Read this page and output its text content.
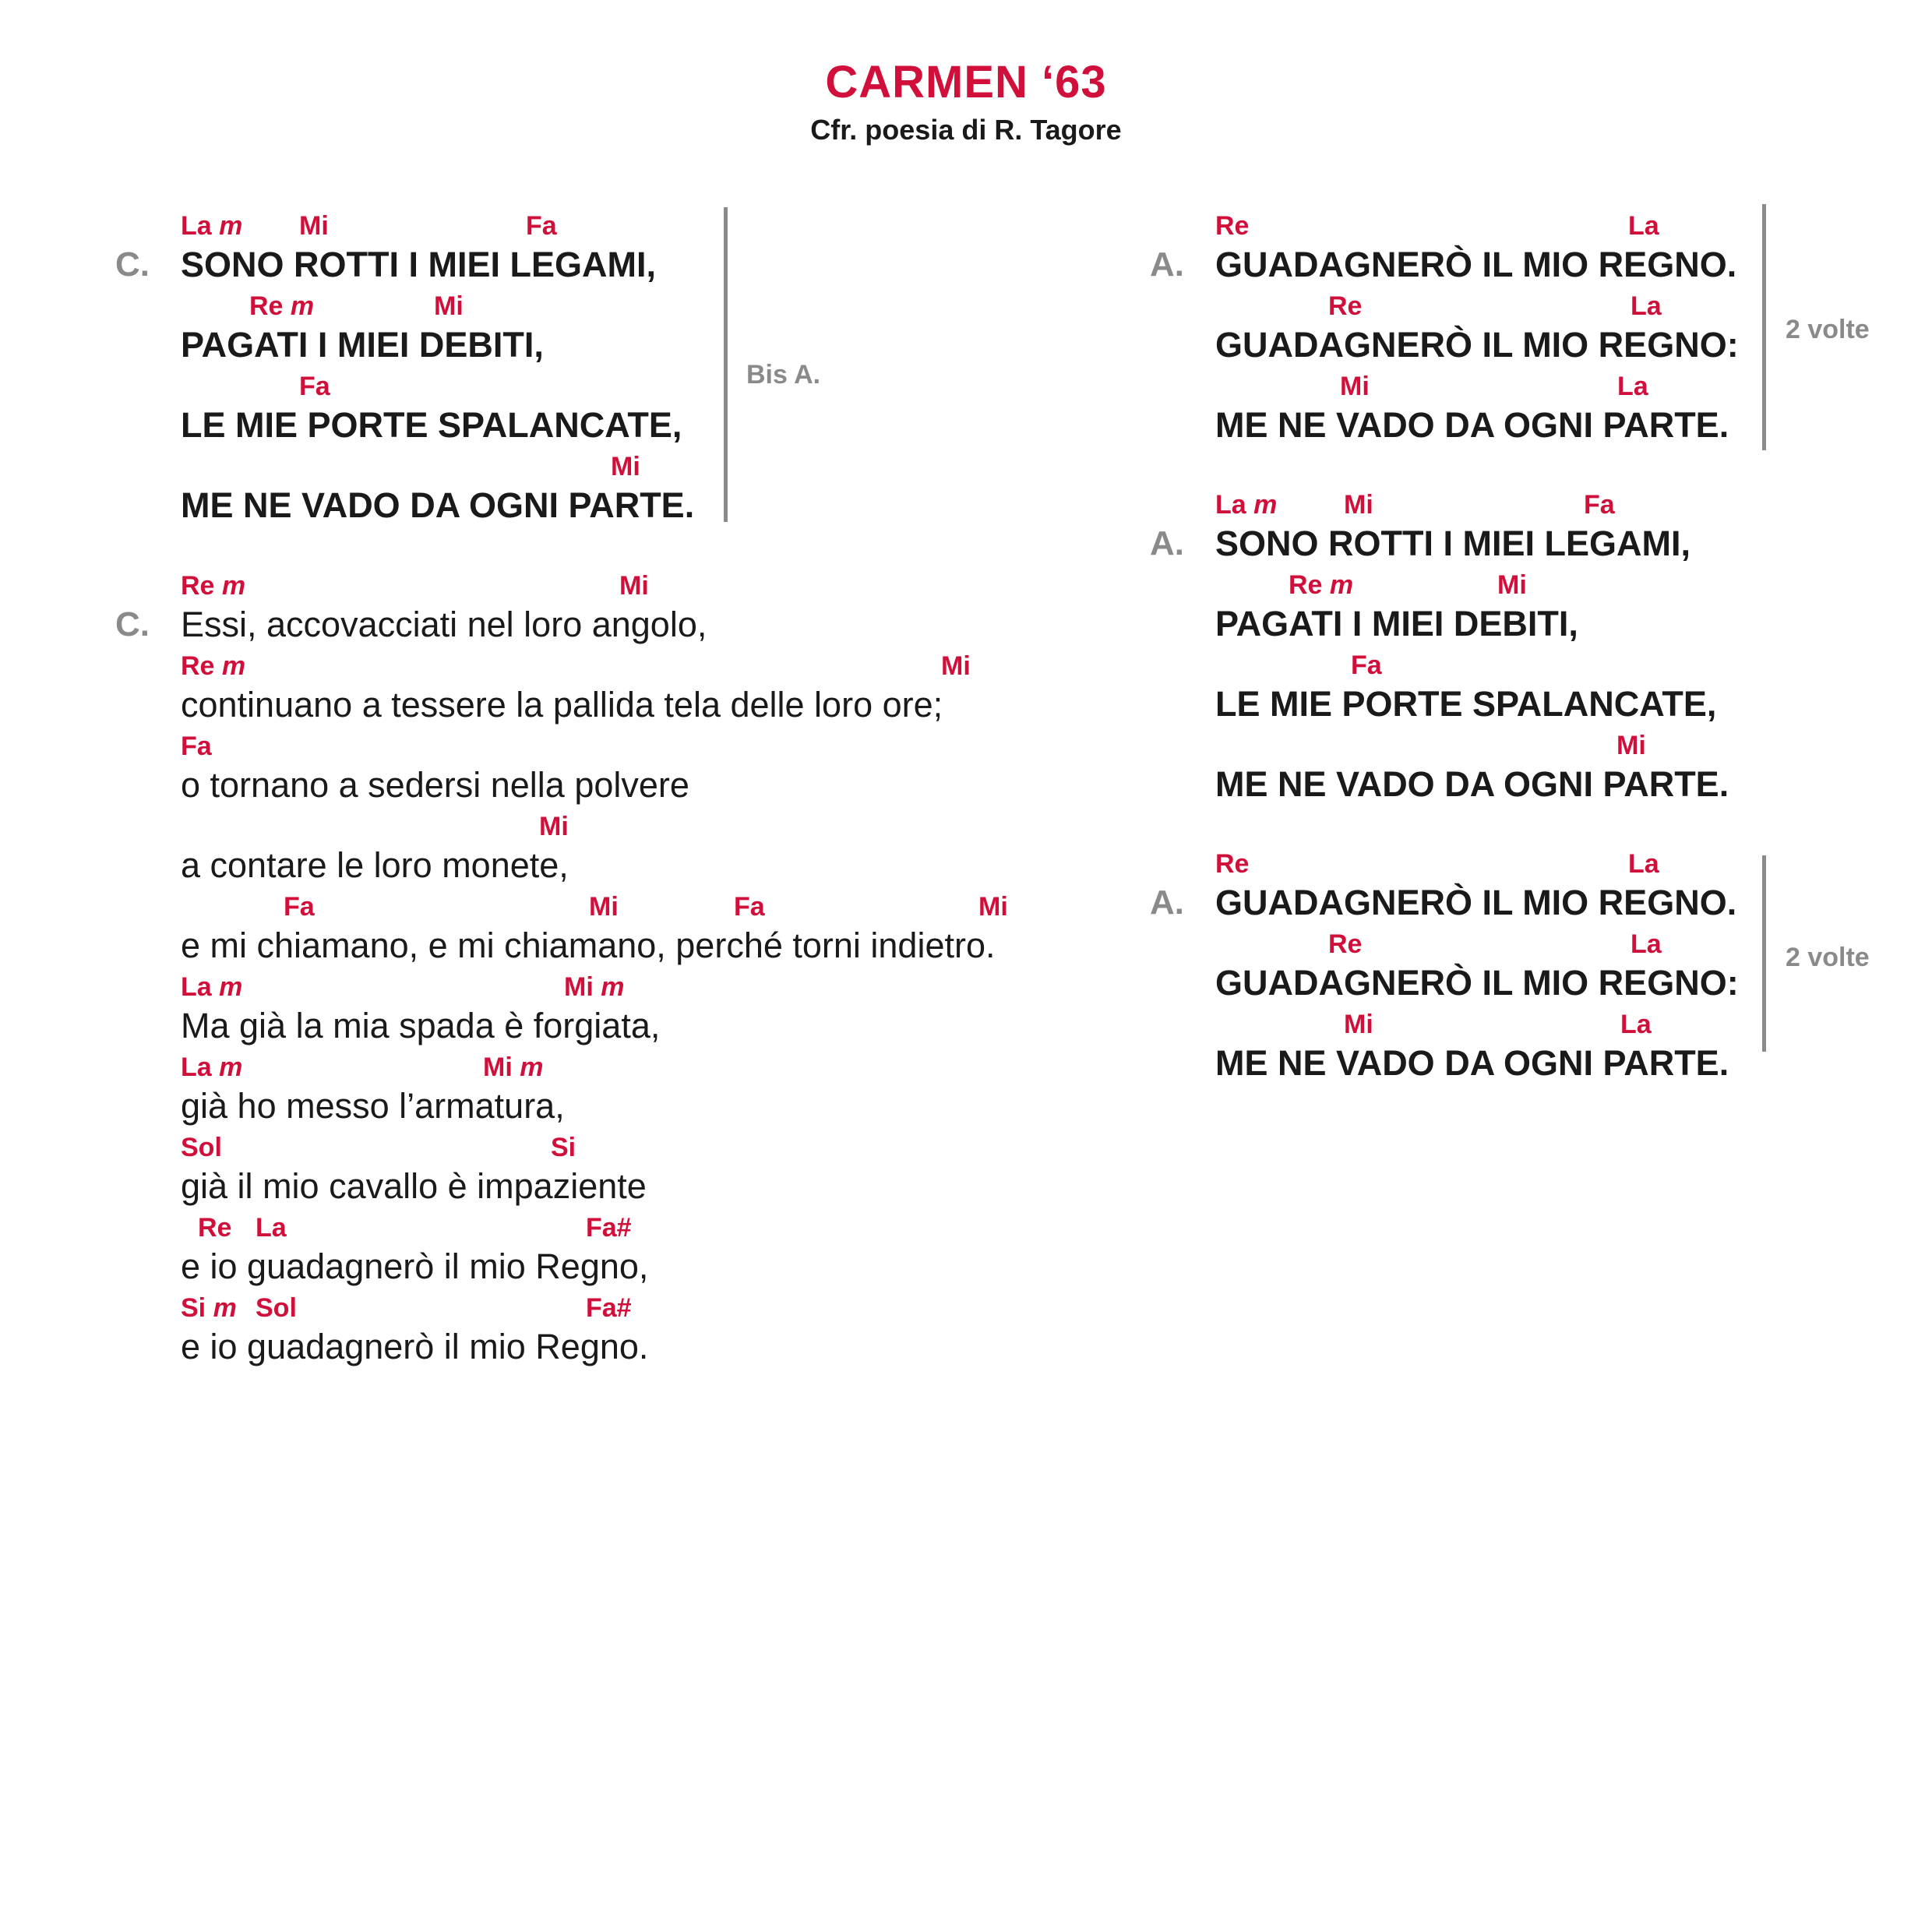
CARMEN ‘63
Cfr. poesia di R. Tagore
La m Mi	Fa
SONO ROTTI I MIEI LEGAMI,
Re m	Mi
PAGATI I MIEI DEBITI,
Fa
LE MIE PORTE SPALANCATE,
Mi
ME NE VADO DA OGNI PARTE.
C.
Bis A.
Re m	Mi
Essi, accovacciati nel loro angolo,
Re m	Mi
continuano a tessere la pallida tela delle loro ore;
Fa
o tornano a sedersi nella polvere
Mi
a contare le loro monete,
Fa	Mi	Fa	Mi
e mi chiamano, e mi chiamano, perché torni indietro.
La m	Mi m
Ma già la mia spada è forgiata,
La m	Mi m
già ho messo l’armatura,
Sol	Si
già il mio cavallo è impaziente
Re La	Fa#
e io guadagnerò il mio Regno,
Si m Sol	Fa#
e io guadagnerò il mio Regno.
C.
Re	La
GUADAGNERÒ IL MIO REGNO.
Re	La
GUADAGNERÒ IL MIO REGNO:
Mi	La
ME NE VADO DA OGNI PARTE.
A.
2 volte
La m	Mi	Fa
SONO ROTTI I MIEI LEGAMI,
Re m	Mi
PAGATI I MIEI DEBITI,
Fa
LE MIE PORTE SPALANCATE,
Mi
ME NE VADO DA OGNI PARTE.
A.
Re	La
GUADAGNERÒ IL MIO REGNO.
Re	La
GUADAGNERÒ IL MIO REGNO:
Mi	La
ME NE VADO DA OGNI PARTE.
A.
2 volte
